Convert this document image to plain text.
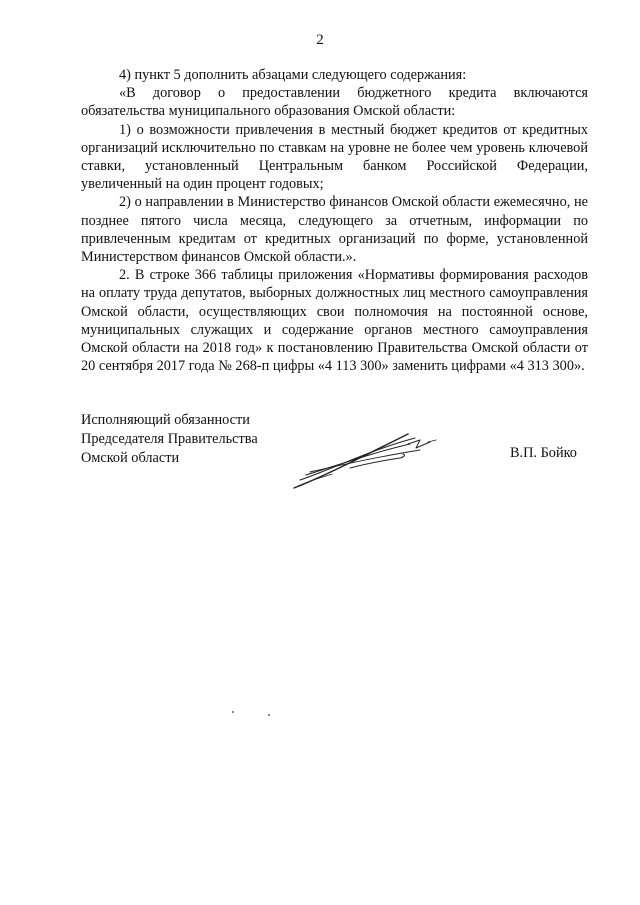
2

4) пункт 5 дополнить абзацами следующего содержания:

«В договор о предоставлении бюджетного кредита включаются обязательства муниципального образования Омской области:

1) о возможности привлечения в местный бюджет кредитов от кредитных организаций исключительно по ставкам на уровне не более чем уровень ключевой ставки, установленный Центральным банком Российской Федерации, увеличенный на один процент годовых;

2) о направлении в Министерство финансов Омской области ежемесячно, не позднее пятого числа месяца, следующего за отчетным, информации по привлеченным кредитам от кредитных организаций по форме, установленной Министерством финансов Омской области.».

2. В строке 366 таблицы приложения «Нормативы формирования расходов на оплату труда депутатов, выборных должностных лиц местного самоуправления Омской области, осуществляющих свои полномочия на постоянной основе, муниципальных служащих и содержание органов местного самоуправления Омской области на 2018 год» к постановлению Правительства Омской области от 20 сентября 2017 года № 268-п цифры «4 113 300» заменить цифрами «4 313 300».

Исполняющий обязанности
Председателя Правительства
Омской области	В.П. Бойко
